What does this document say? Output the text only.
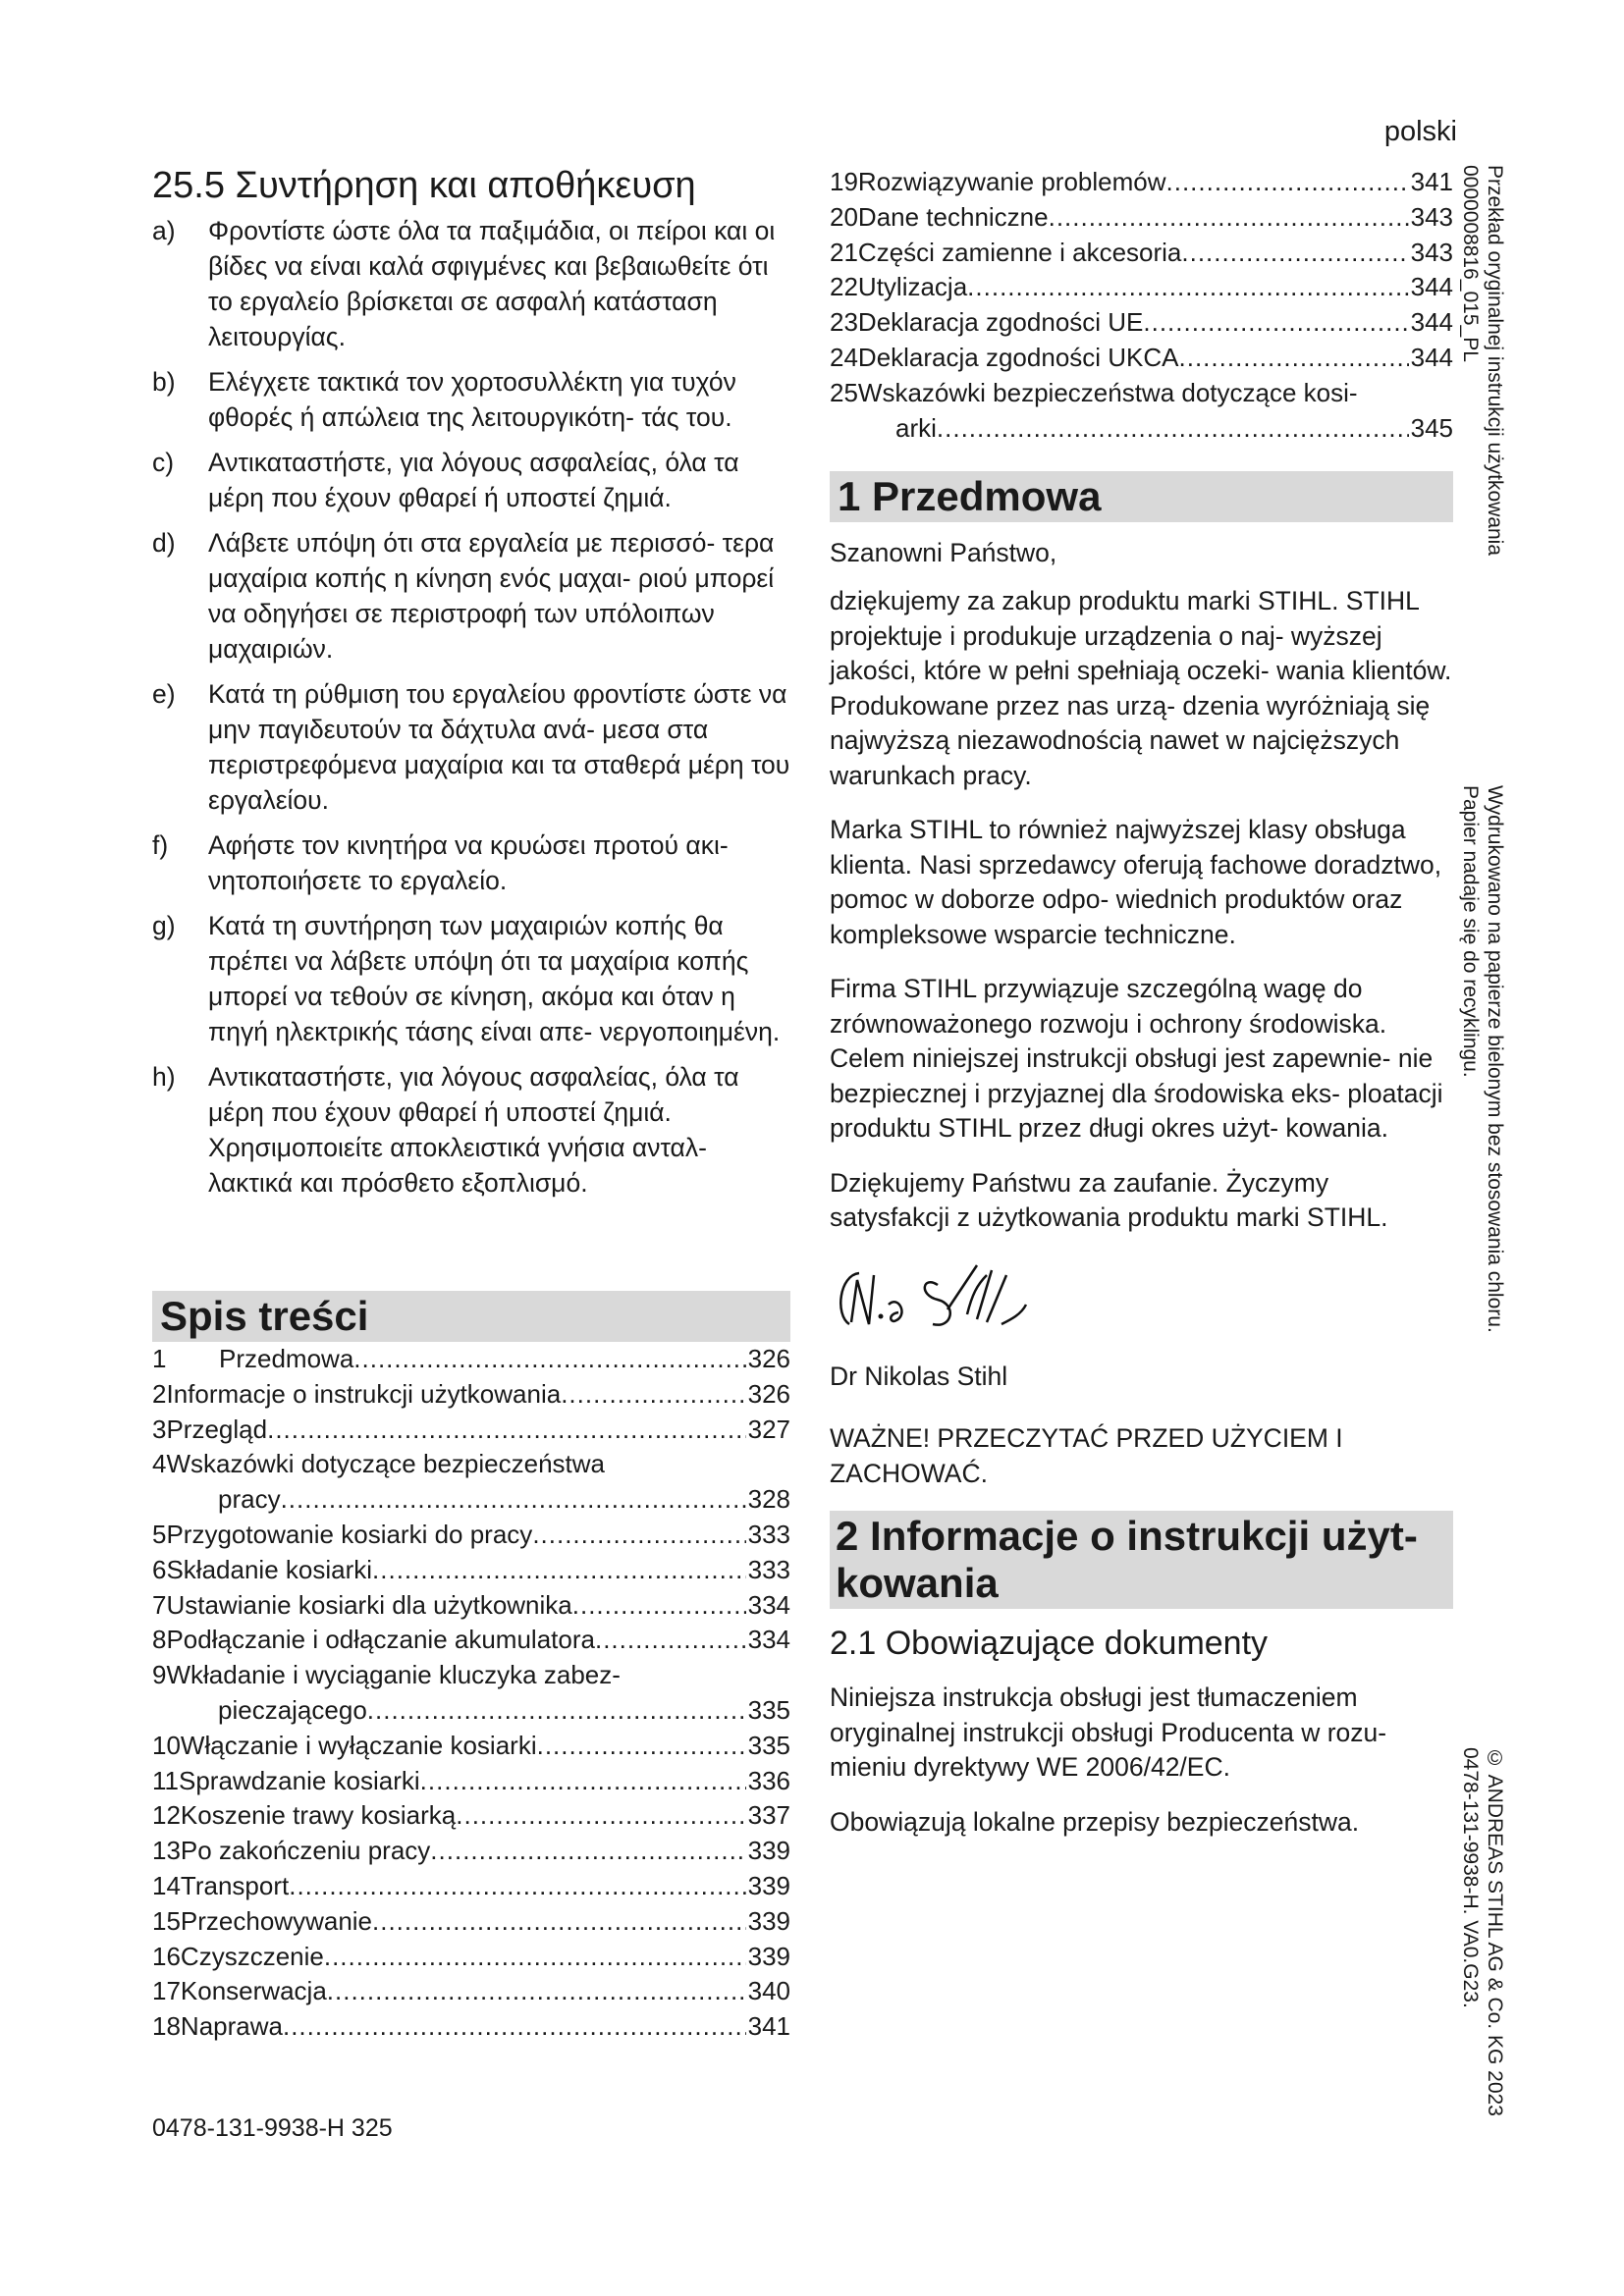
polski
25.5 Συντήρηση και αποθήκευση
a)	Φροντίστε ώστε όλα τα παξιμάδια, οι πείροι και οι βίδες να είναι καλά σφιγμένες και βεβαιωθείτε ότι το εργαλείο βρίσκεται σε ασφαλή κατάσταση λειτουργίας.
b)	Ελέγχετε τακτικά τον χορτοσυλλέκτη για τυχόν φθορές ή απώλεια της λειτουργικότη- τάς του.
c)	Αντικαταστήστε, για λόγους ασφαλείας, όλα τα μέρη που έχουν φθαρεί ή υποστεί ζημιά.
d)	Λάβετε υπόψη ότι στα εργαλεία με περισσό- τερα μαχαίρια κοπής η κίνηση ενός μαχαι- ριού μπορεί να οδηγήσει σε περιστροφή των υπόλοιπων μαχαιριών.
e)	Κατά τη ρύθμιση του εργαλείου φροντίστε ώστε να μην παγιδευτούν τα δάχτυλα ανά- μεσα στα περιστρεφόμενα μαχαίρια και τα σταθερά μέρη του εργαλείου.
f)	Αφήστε τον κινητήρα να κρυώσει προτού ακι- νητοποιήσετε το εργαλείο.
g)	Κατά τη συντήρηση των μαχαιριών κοπής θα πρέπει να λάβετε υπόψη ότι τα μαχαίρια κοπής μπορεί να τεθούν σε κίνηση, ακόμα και όταν η πηγή ηλεκτρικής τάσης είναι απε- νεργοποιημένη.
h)	Αντικαταστήστε, για λόγους ασφαλείας, όλα τα μέρη που έχουν φθαρεί ή υποστεί ζημιά. Χρησιμοποιείτε αποκλειστικά γνήσια ανταλ- λακτικά και πρόσθετο εξοπλισμό.
Spis treści
1	Przedmowa .....	326
2 Informacje o instrukcji użytkowania .....	326
3 Przegląd .....	327
4 Wskazówki dotyczące bezpieczeństwa
pracy .....	328
5 Przygotowanie kosiarki do pracy .....	333
6 Składanie kosiarki .....	333
7 Ustawianie kosiarki dla użytkownika .....	334
8 Podłączanie i odłączanie akumulatora .....	334
9 Wkładanie i wyciąganie kluczyka zabez-
pieczającego .....	335
10 Włączanie i wyłączanie kosiarki .....	335
11 Sprawdzanie kosiarki .....	336
12 Koszenie trawy kosiarką .....	337
13 Po zakończeniu pracy .....	339
14 Transport .....	339
15 Przechowywanie .....	339
16 Czyszczenie .....	339
17 Konserwacja .....	340
18 Naprawa .....	341
0478-131-9938-H 325
19 Rozwiązywanie problemów .....	341
20 Dane techniczne .....	343
21 Części zamienne i akcesoria .....	343
22 Utylizacja .....	344
23 Deklaracja zgodności UE .....	344
24 Deklaracja zgodności UKCA .....	344
25 Wskazówki bezpieczeństwa dotyczące kosi-
arki .....	345
1 Przedmowa
Szanowni Państwo,

dziękujemy za zakup produktu marki STIHL. STIHL projektuje i produkuje urządzenia o naj- wyższej jakości, które w pełni spełniają oczeki- wania klientów. Produkowane przez nas urzą- dzenia wyróżniają się najwyższą niezawodnością nawet w najcięższych warunkach pracy.

Marka STIHL to również najwyższej klasy obsługa klienta. Nasi sprzedawcy oferują fachowe doradztwo, pomoc w doborze odpo- wiednich produktów oraz kompleksowe wsparcie techniczne.

Firma STIHL przywiązuje szczególną wagę do zrównoważonego rozwoju i ochrony środowiska. Celem niniejszej instrukcji obsługi jest zapewnie- nie bezpiecznej i przyjaznej dla środowiska eks- ploatacji produktu STIHL przez długi okres użyt- kowania.

Dziękujemy Państwu za zaufanie. Życzymy satysfakcji z użytkowania produktu marki STIHL.

Dr Nikolas Stihl
WAŻNE! PRZECZYTAĆ PRZED UŻYCIEM I ZACHOWAĆ.
2 Informacje o instrukcji użyt- kowania
2.1 Obowiązujące dokumenty

Niniejsza instrukcja obsługi jest tłumaczeniem oryginalnej instrukcji obsługi Producenta w rozu- mieniu dyrektywy WE 2006/42/EC.

Obowiązują lokalne przepisy bezpieczeństwa.

Przekład oryginalnej instrukcji użytkowania
0000008816_015_PL
Wydrukowano na papierze bielonym bez stosowania chloru.
Papier nadaje się do recyklingu.
© ANDREAS STIHL AG & Co. KG 2023
0478-131-9938-H. VA0.G23.
